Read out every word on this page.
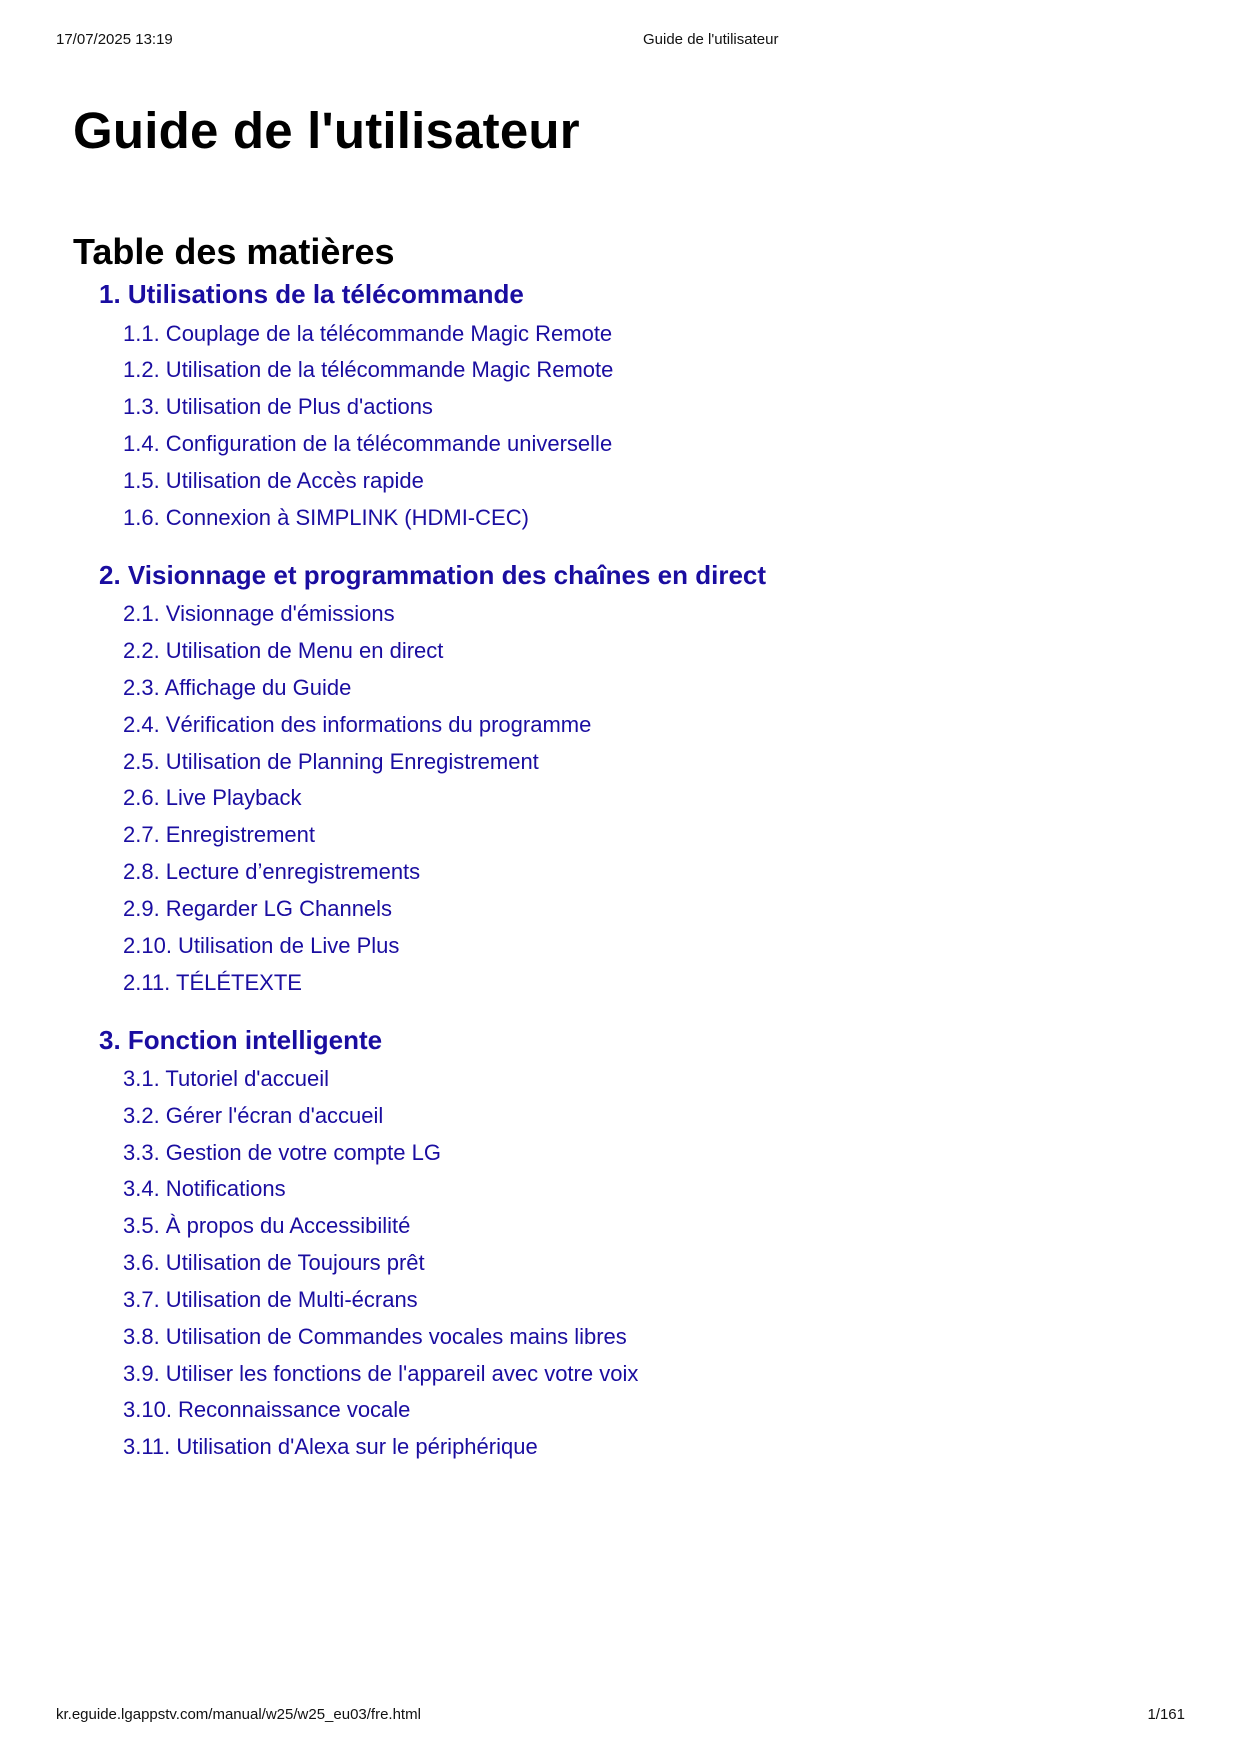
17/07/2025 13:19	Guide de l'utilisateur
Guide de l'utilisateur
Table des matières
1. Utilisations de la télécommande
1.1. Couplage de la télécommande Magic Remote
1.2. Utilisation de la télécommande Magic Remote
1.3. Utilisation de Plus d'actions
1.4. Configuration de la télécommande universelle
1.5. Utilisation de Accès rapide
1.6. Connexion à SIMPLINK (HDMI-CEC)
2. Visionnage et programmation des chaînes en direct
2.1. Visionnage d'émissions
2.2. Utilisation de Menu en direct
2.3. Affichage du Guide
2.4. Vérification des informations du programme
2.5. Utilisation de Planning Enregistrement
2.6. Live Playback
2.7. Enregistrement
2.8. Lecture d’enregistrements
2.9. Regarder LG Channels
2.10. Utilisation de Live Plus
2.11. TÉLÉTEXTE
3. Fonction intelligente
3.1. Tutoriel d'accueil
3.2. Gérer l'écran d'accueil
3.3. Gestion de votre compte LG
3.4. Notifications
3.5. À propos du Accessibilité
3.6. Utilisation de Toujours prêt
3.7. Utilisation de Multi-écrans
3.8. Utilisation de Commandes vocales mains libres
3.9. Utiliser les fonctions de l'appareil avec votre voix
3.10. Reconnaissance vocale
3.11. Utilisation d'Alexa sur le périphérique
kr.eguide.lgappstv.com/manual/w25/w25_eu03/fre.html	1/161
